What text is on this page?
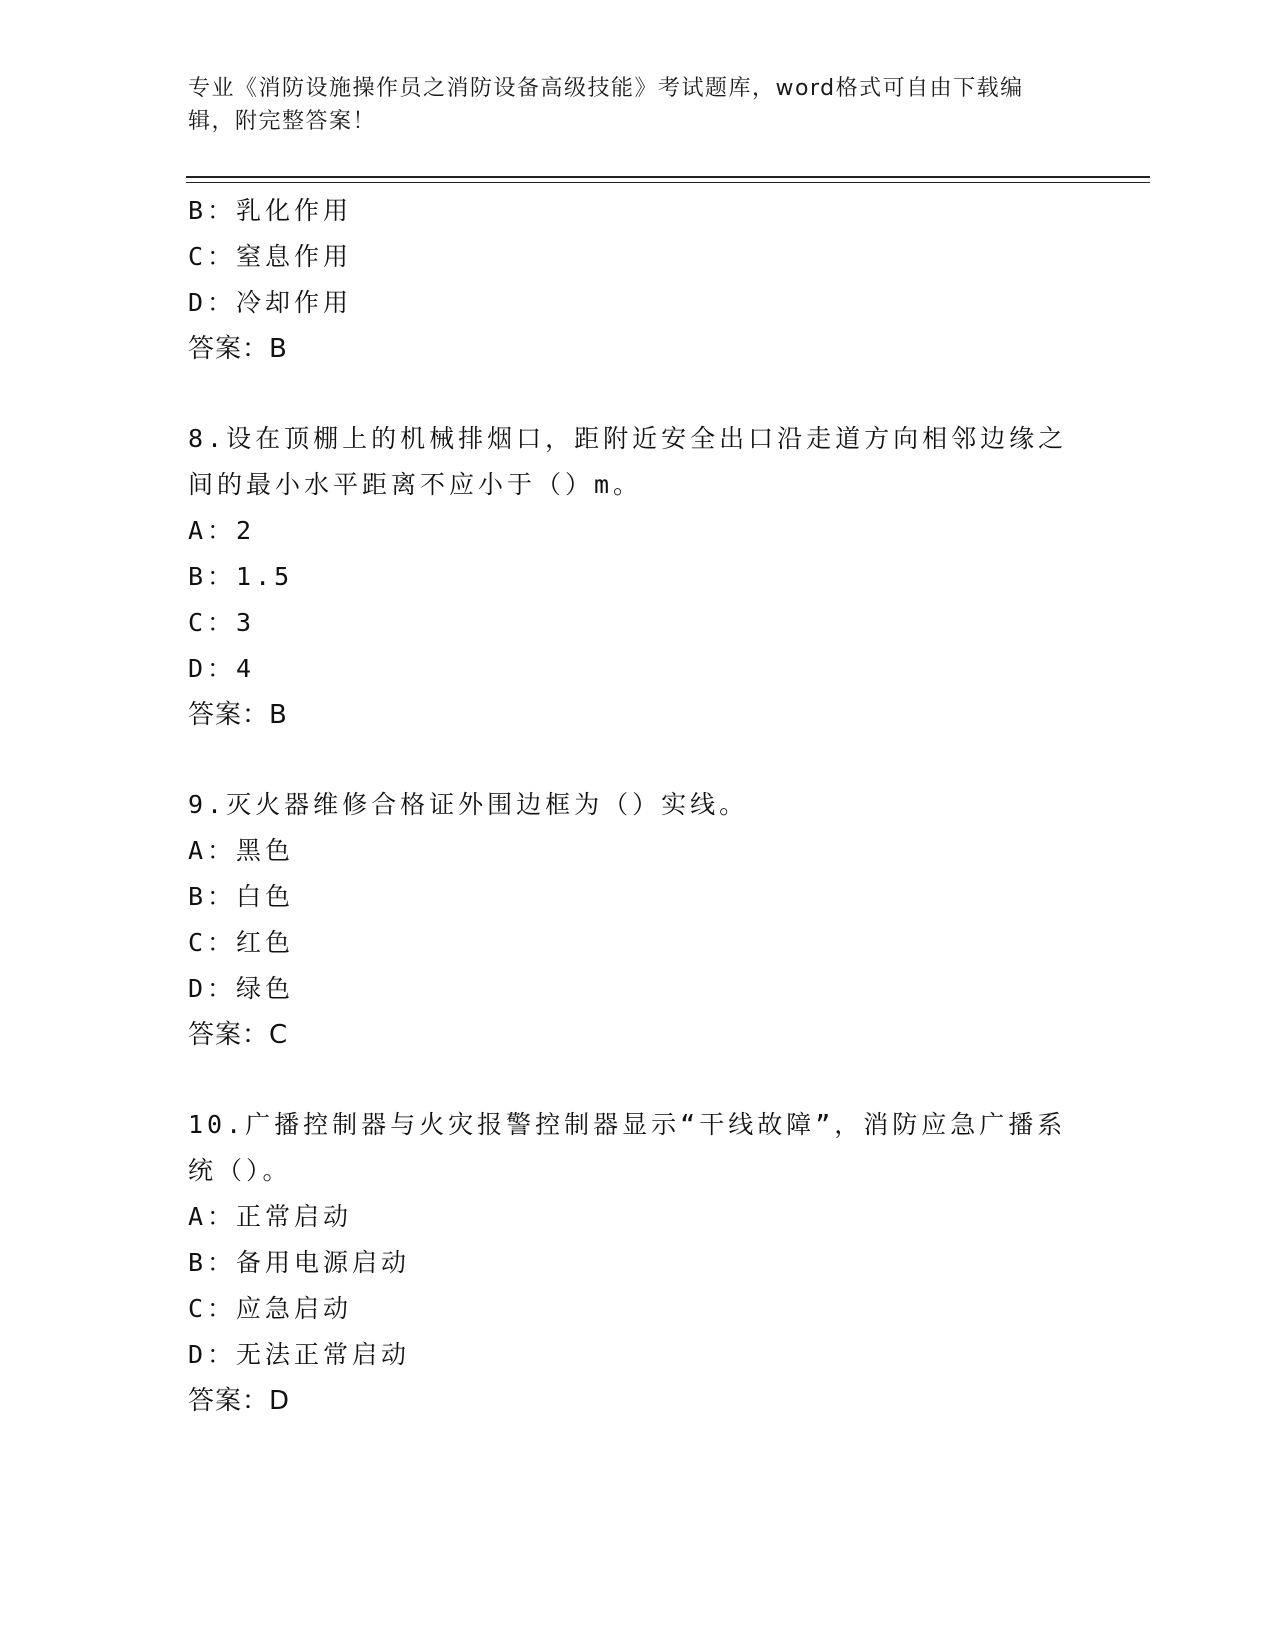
专业《消防设施操作员之消防设备高级技能》考试题库，word格式可自由下载编
辑，附完整答案！
B：乳化作用
C：窒息作用
D：冷却作用
答案：B
8.设在顶棚上的机械排烟口，距附近安全出口沿走道方向相邻边缘之
间的最小水平距离不应小于（）m。
A：2
B：1.5
C：3
D：4
答案：B
9.灭火器维修合格证外围边框为（）实线。
A：黑色
B：白色
C：红色
D：绿色
答案：C
10.广播控制器与火灾报警控制器显示“干线故障”，消防应急广播系
统（）。
A：正常启动
B：备用电源启动
C：应急启动
D：无法正常启动
答案：D
